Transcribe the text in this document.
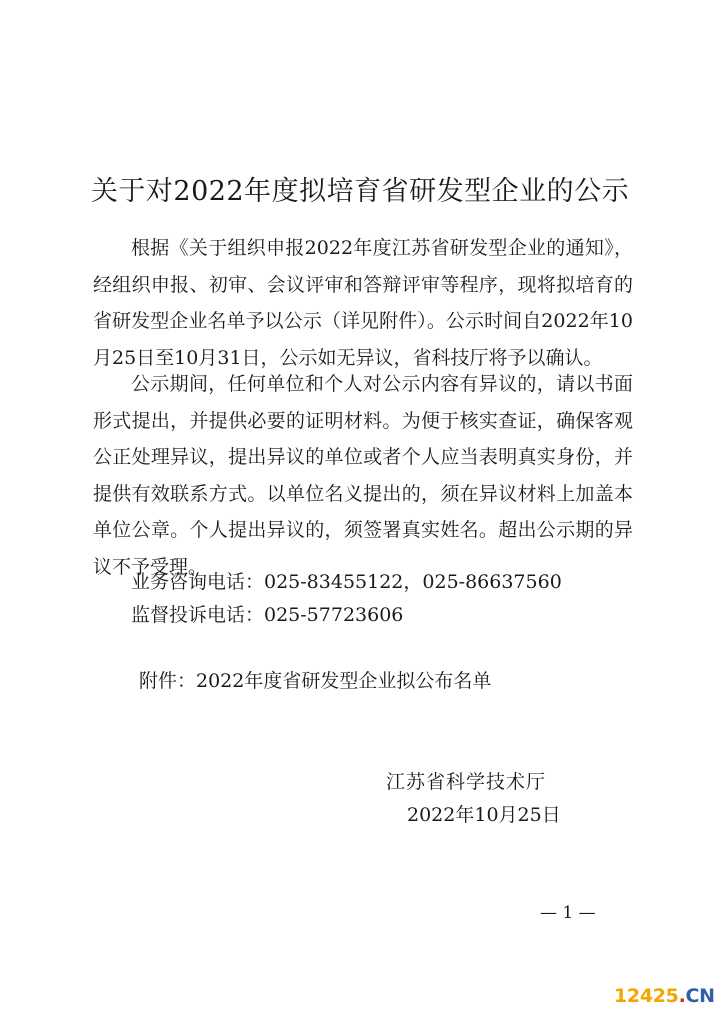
关于对2022年度拟培育省研发型企业的公示

根据《关于组织申报2022年度江苏省研发型企业的通知》，经组织申报、初审、会议评审和答辩评审等程序，现将拟培育的省研发型企业名单予以公示（详见附件）。公示时间自2022年10月25日至10月31日，公示如无异议，省科技厅将予以确认。

公示期间，任何单位和个人对公示内容有异议的，请以书面形式提出，并提供必要的证明材料。为便于核实查证，确保客观公正处理异议，提出异议的单位或者个人应当表明真实身份，并提供有效联系方式。以单位名义提出的，须在异议材料上加盖本单位公章。个人提出异议的，须签署真实姓名。超出公示期的异议不予受理。

业务咨询电话：025-83455122，025-86637560
监督投诉电话：025-57723606
附件：2022年度省研发型企业拟公布名单
江苏省科学技术厅
2022年10月25日
— 1 —
12425.CN
